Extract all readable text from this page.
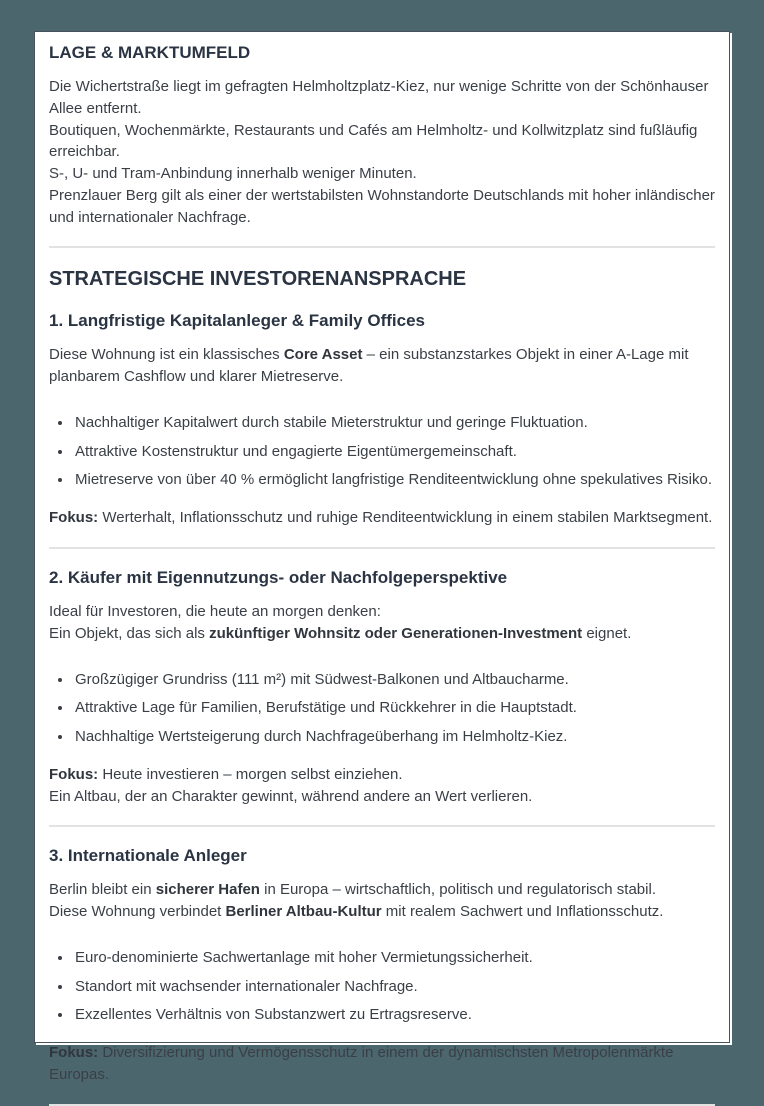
LAGE & MARKTUMFELD

Die Wichertstraße liegt im gefragten Helmholtzplatz-Kiez, nur wenige Schritte von der Schönhauser Allee entfernt.
Boutiquen, Wochenmärkte, Restaurants und Cafés am Helmholtz- und Kollwitzplatz sind fußläufig erreichbar.
S-, U- und Tram-Anbindung innerhalb weniger Minuten.
Prenzlauer Berg gilt als einer der wertstabilsten Wohnstandorte Deutschlands mit hoher inländischer und internationaler Nachfrage.

STRATEGISCHE INVESTORENANSPRACHE
1. Langfristige Kapitalanleger & Family Offices

Diese Wohnung ist ein klassisches Core Asset – ein substanzstarkes Objekt in einer A-Lage mit planbarem Cashflow und klarer Mietreserve.

• Nachhaltiger Kapitalwert durch stabile Mieterstruktur und geringe Fluktuation.
• Attraktive Kostenstruktur und engagierte Eigentümergemeinschaft.
• Mietreserve von über 40 % ermöglicht langfristige Renditeentwicklung ohne spekulatives Risiko.

Fokus: Werterhalt, Inflationsschutz und ruhige Renditeentwicklung in einem stabilen Marktsegment.

2. Käufer mit Eigennutzungs- oder Nachfolgeperspektive

Ideal für Investoren, die heute an morgen denken:
Ein Objekt, das sich als zukünftiger Wohnsitz oder Generationen-Investment eignet.

• Großzügiger Grundriss (111 m²) mit Südwest-Balkonen und Altbaucharme.
• Attraktive Lage für Familien, Berufstätige und Rückkehrer in die Hauptstadt.
• Nachhaltige Wertsteigerung durch Nachfrageüberhang im Helmholtz-Kiez.

Fokus: Heute investieren – morgen selbst einziehen.
Ein Altbau, der an Charakter gewinnt, während andere an Wert verlieren.

3. Internationale Anleger

Berlin bleibt ein sicherer Hafen in Europa – wirtschaftlich, politisch und regulatorisch stabil.
Diese Wohnung verbindet Berliner Altbau-Kultur mit realem Sachwert und Inflationsschutz.

• Euro-denominierte Sachwertanlage mit hoher Vermietungssicherheit.
• Standort mit wachsender internationaler Nachfrage.
• Exzellentes Verhältnis von Substanzwert zu Ertragsreserve.

Fokus: Diversifizierung und Vermögensschutz in einem der dynamischsten Metropolenmärkte Europas.
